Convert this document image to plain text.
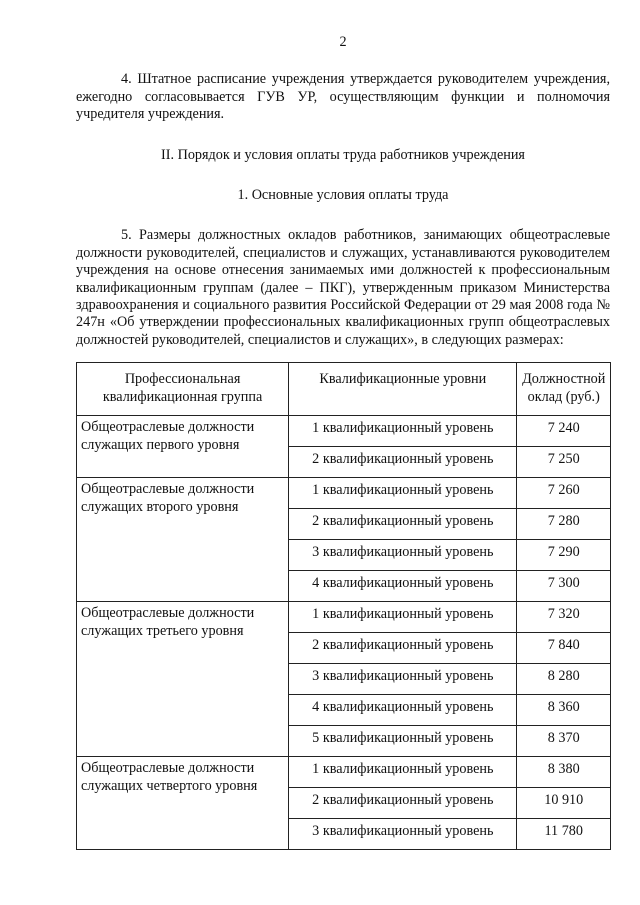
2

4. Штатное расписание учреждения утверждается руководителем учреждения, ежегодно согласовывается ГУВ УР, осуществляющим функции и полномочия учредителя учреждения.

II. Порядок и условия оплаты труда работников учреждения

1. Основные условия оплаты труда

5. Размеры должностных окладов работников, занимающих общеотраслевые должности руководителей, специалистов и служащих, устанавливаются руководителем учреждения на основе отнесения занимаемых ими должностей к профессиональным квалификационным группам (далее – ПКГ), утвержденным приказом Министерства здравоохранения и социального развития Российской Федерации от 29 мая 2008 года № 247н «Об утверждении профессиональных квалификационных групп общеотраслевых должностей руководителей, специалистов и служащих», в следующих размерах:

Профессиональная квалификационная группа	Квалификационные уровни	Должностной оклад (руб.)
Общеотраслевые должности служащих первого уровня	1 квалификационный уровень	7 240
	2 квалификационный уровень	7 250
Общеотраслевые должности служащих второго уровня	1 квалификационный уровень	7 260
	2 квалификационный уровень	7 280
	3 квалификационный уровень	7 290
	4 квалификационный уровень	7 300
Общеотраслевые должности служащих третьего уровня	1 квалификационный уровень	7 320
	2 квалификационный уровень	7 840
	3 квалификационный уровень	8 280
	4 квалификационный уровень	8 360
	5 квалификационный уровень	8 370
Общеотраслевые должности служащих четвертого уровня	1 квалификационный уровень	8 380
	2 квалификационный уровень	10 910
	3 квалификационный уровень	11 780
